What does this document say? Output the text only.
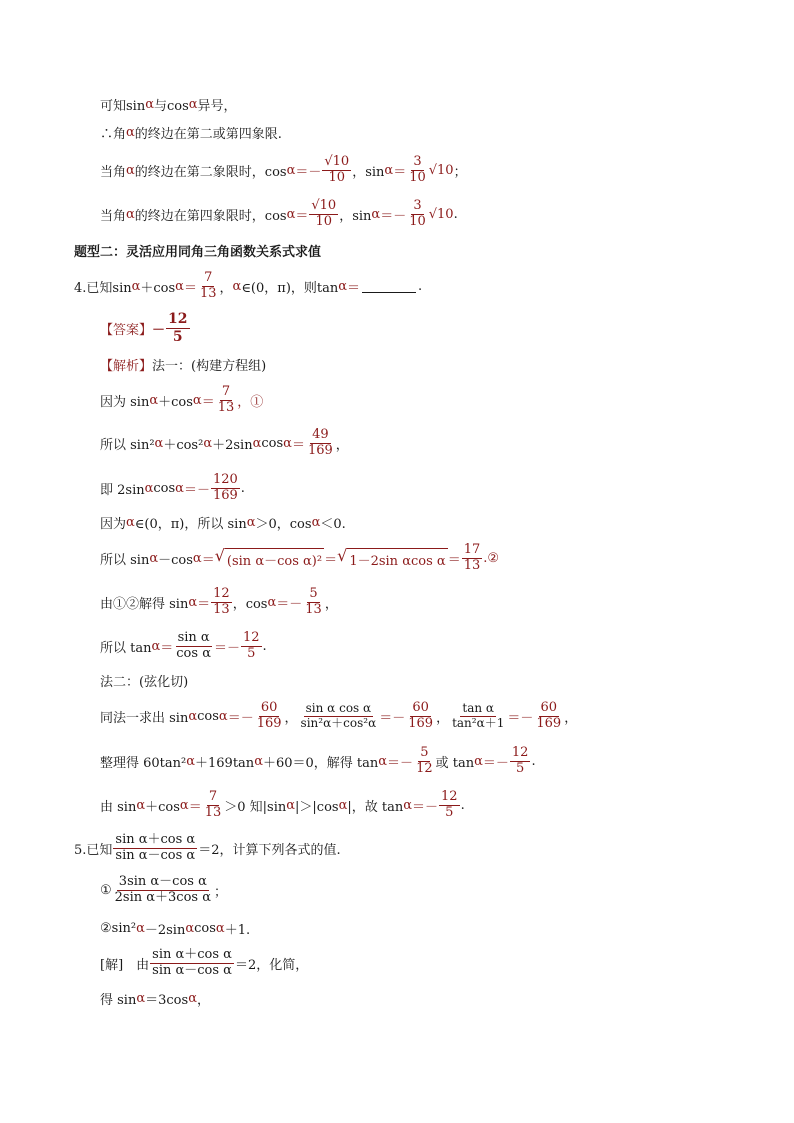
可知sin α 与cos α 异号，
∴角 α 的终边在第二或第四象限.
当角 α 的终边在第二象限时，$\cos \alpha =- \frac{√10}{10}$ ，$\sin \alpha = \frac{3}{10} √10$ ；
当角 α 的终边在第四象限时，$\cos \alpha = \frac{√10}{10}$ ，$\sin \alpha =- \frac{3}{10} √10$ .
题型二：灵活应用同角三角函数关系式求值
4.已知sin α ＋cos $\alpha = \frac{7}{13}$ ， α ∈(0，π)，则tan α ＝	.
【答案】 － $\frac{12}{5}$
【解析】 法一：(构建方程组)
因为 sin α ＋cos $\alpha = \frac{7}{13}$ ，①
所以 sin² α ＋cos² α ＋2sin α $\cos \alpha = \frac{49}{169}$ ，
即 2sin α $\cos \alpha =- \frac{120}{169}$ .
因为 α ∈(0，π)，所以 sin α ＞0，cos α ＜0.
所以 sin α －cos α ＝ √ (sin α－cos α)² ＝ √ 1－2sin αcos $\alpha = \frac{17}{13}$ .②
由①②解得 $\sin \alpha = \frac{12}{13}$ ，$\cos \alpha =- \frac{5}{13}$ ，
所以 $\tan \alpha = \frac{\text{sin α}}{\text{cos α}} =- \frac{12}{5}$ .
法二：(弦化切)
同法一求出 sin α $\cos \alpha =- \frac{60}{169}$ ， $\frac{\text{sin α cos α}}{\text{sin²α＋cos²α}} =- \frac{60}{169}$ ， $\frac{\text{tan α}}{\text{tan²α＋1}} =- \frac{60}{169}$ ，
整理得 60tan² α ＋169tan α ＋60＝0，解得 $\tan \alpha =- \frac{5}{12}$ 或 $\tan \alpha =- \frac{12}{5}$ .
由 sin α ＋cos $\alpha = \frac{7}{13} >0$ 知|sin α |＞|cos α |，故 $\tan \alpha =- \frac{12}{5}$ .
5.已知 $\frac{\text{sin α＋cos α}}{\text{sin α－cos α}} =2$，计算下列各式的值.
① $\frac{\text{3sin α－cos α}}{\text{2sin α＋3cos α}}$ ；
②sin² α －2sin α cos α ＋1.
[解]　由 $\frac{\text{sin α＋cos α}}{\text{sin α－cos α}} =2$，化简，
得 sin α ＝3cos α ，
